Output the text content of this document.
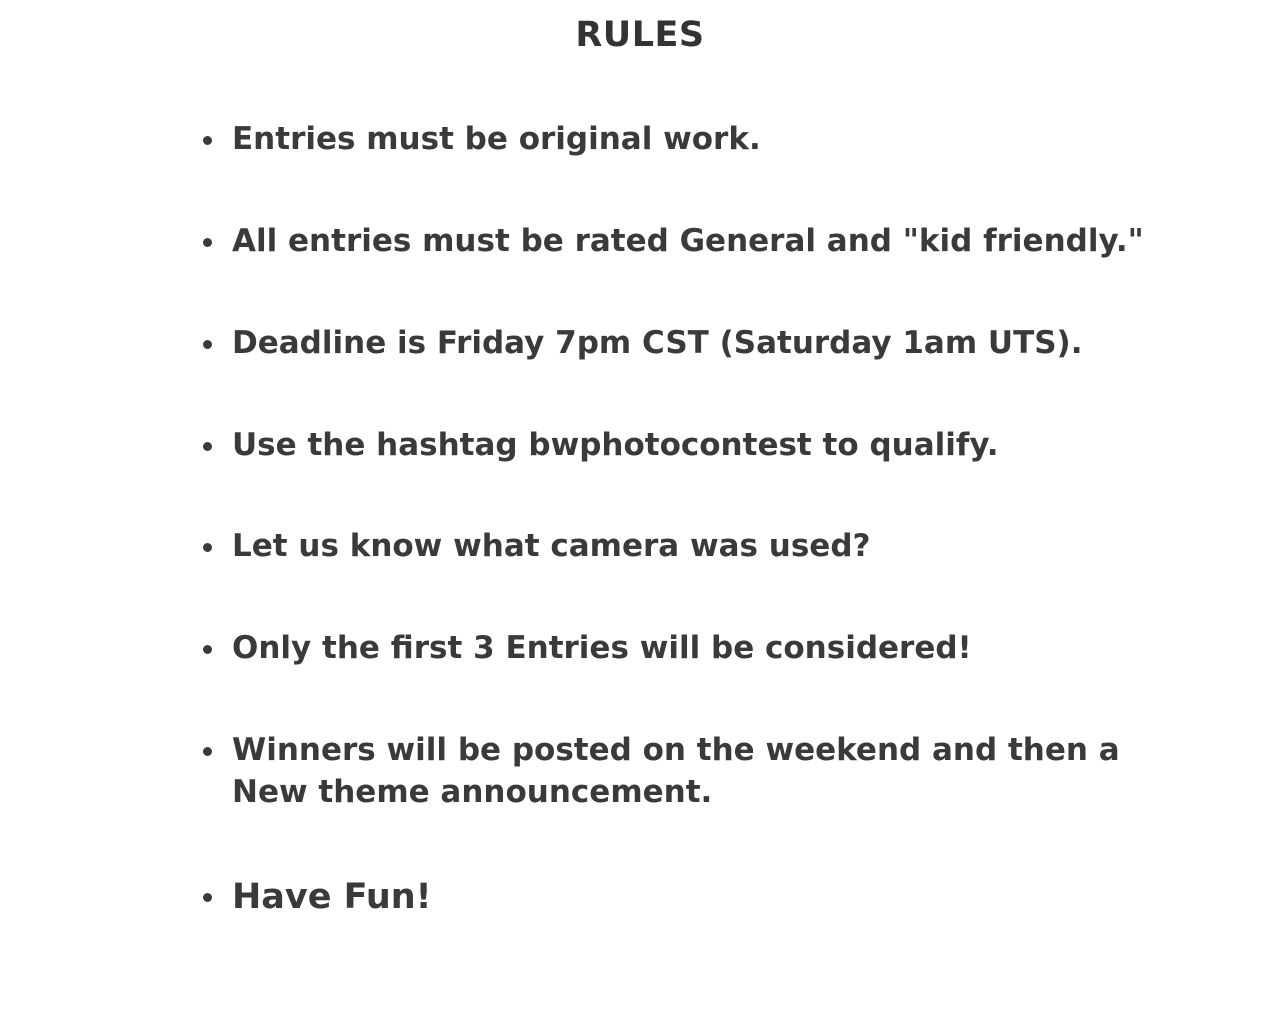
RULES
Entries must be original work.
All entries must be rated General and "kid friendly."
Deadline is Friday 7pm CST (Saturday 1am UTS).
Use the hashtag bwphotocontest to qualify.
Let us know what camera was used?
Only the first 3 Entries will be considered!
Winners will be posted on the weekend and then a New theme announcement.
Have Fun!
